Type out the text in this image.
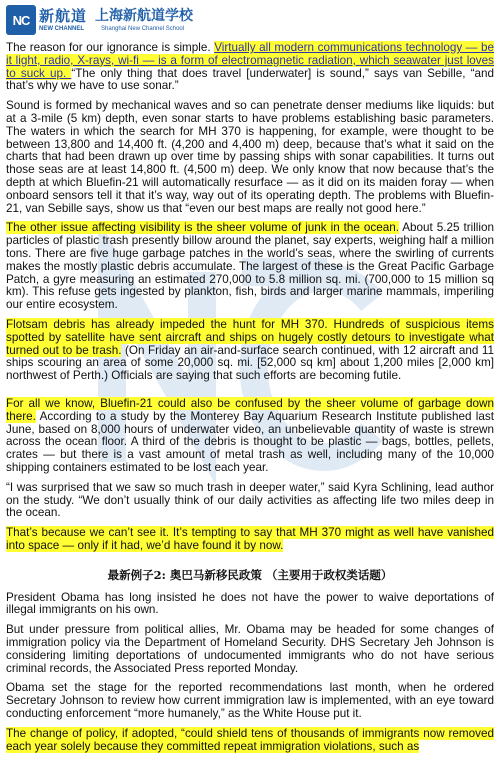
NC 新航道
NEW CHANNEL
上海新航道学校
Shanghai New Channel School

The reason for our ignorance is simple. Virtually all modern communications technology — be it light, radio, X-rays, wi-fi — is a form of electromagnetic radiation, which seawater just loves to suck up. “The only thing that does travel [underwater] is sound,” says van Sebille, “and that’s why we have to use sonar.”

Sound is formed by mechanical waves and so can penetrate denser mediums like liquids: but at a 3-mile (5 km) depth, even sonar starts to have problems establishing basic parameters. The waters in which the search for MH 370 is happening, for example, were thought to be between 13,800 and 14,400 ft. (4,200 and 4,400 m) deep, because that’s what it said on the charts that had been drawn up over time by passing ships with sonar capabilities. It turns out those seas are at least 14,800 ft. (4,500 m) deep. We only know that now because that’s the depth at which Bluefin-21 will automatically resurface — as it did on its maiden foray — when onboard sensors tell it that it’s way, way out of its operating depth. The problems with Bluefin-21, van Sebille says, show us that “even our best maps are really not good here.”

The other issue affecting visibility is the sheer volume of junk in the ocean. About 5.25 trillion particles of plastic trash presently billow around the planet, say experts, weighing half a million tons. There are five huge garbage patches in the world’s seas, where the swirling of currents makes the mostly plastic debris accumulate. The largest of these is the Great Pacific Garbage Patch, a gyre measuring an estimated 270,000 to 5.8 million sq. mi. (700,000 to 15 million sq km). This refuse gets ingested by plankton, fish, birds and larger marine mammals, imperiling our entire ecosystem.

Flotsam debris has already impeded the hunt for MH 370. Hundreds of suspicious items spotted by satellite have sent aircraft and ships on hugely costly detours to investigate what turned out to be trash. (On Friday an air-and-surface search continued, with 12 aircraft and 11 ships scouring an area of some 20,000 sq. mi. [52,000 sq km] about 1,200 miles [2,000 km] northwest of Perth.) Officials are saying that such efforts are becoming futile.

For all we know, Bluefin-21 could also be confused by the sheer volume of garbage down there. According to a study by the Monterey Bay Aquarium Research Institute published last June, based on 8,000 hours of underwater video, an unbelievable quantity of waste is strewn across the ocean floor. A third of the debris is thought to be plastic — bags, bottles, pellets, crates — but there is a vast amount of metal trash as well, including many of the 10,000 shipping containers estimated to be lost each year.

“I was surprised that we saw so much trash in deeper water,” said Kyra Schlining, lead author on the study. “We don’t usually think of our daily activities as affecting life two miles deep in the ocean.

That’s because we can’t see it. It’s tempting to say that MH 370 might as well have vanished into space — only if it had, we’d have found it by now.

最新例子2: 奥巴马新移民政策 （主要用于政权类话题）

President Obama has long insisted he does not have the power to waive deportations of illegal immigrants on his own.

But under pressure from political allies, Mr. Obama may be headed for some changes of immigration policy via the Department of Homeland Security. DHS Secretary Jeh Johnson is considering limiting deportations of undocumented immigrants who do not have serious criminal records, the Associated Press reported Monday.

Obama set the stage for the reported recommendations last month, when he ordered Secretary Johnson to review how current immigration law is implemented, with an eye toward conducting enforcement “more humanely,” as the White House put it.

The change of policy, if adopted, “could shield tens of thousands of immigrants now removed each year solely because they committed repeat immigration violations, such as
